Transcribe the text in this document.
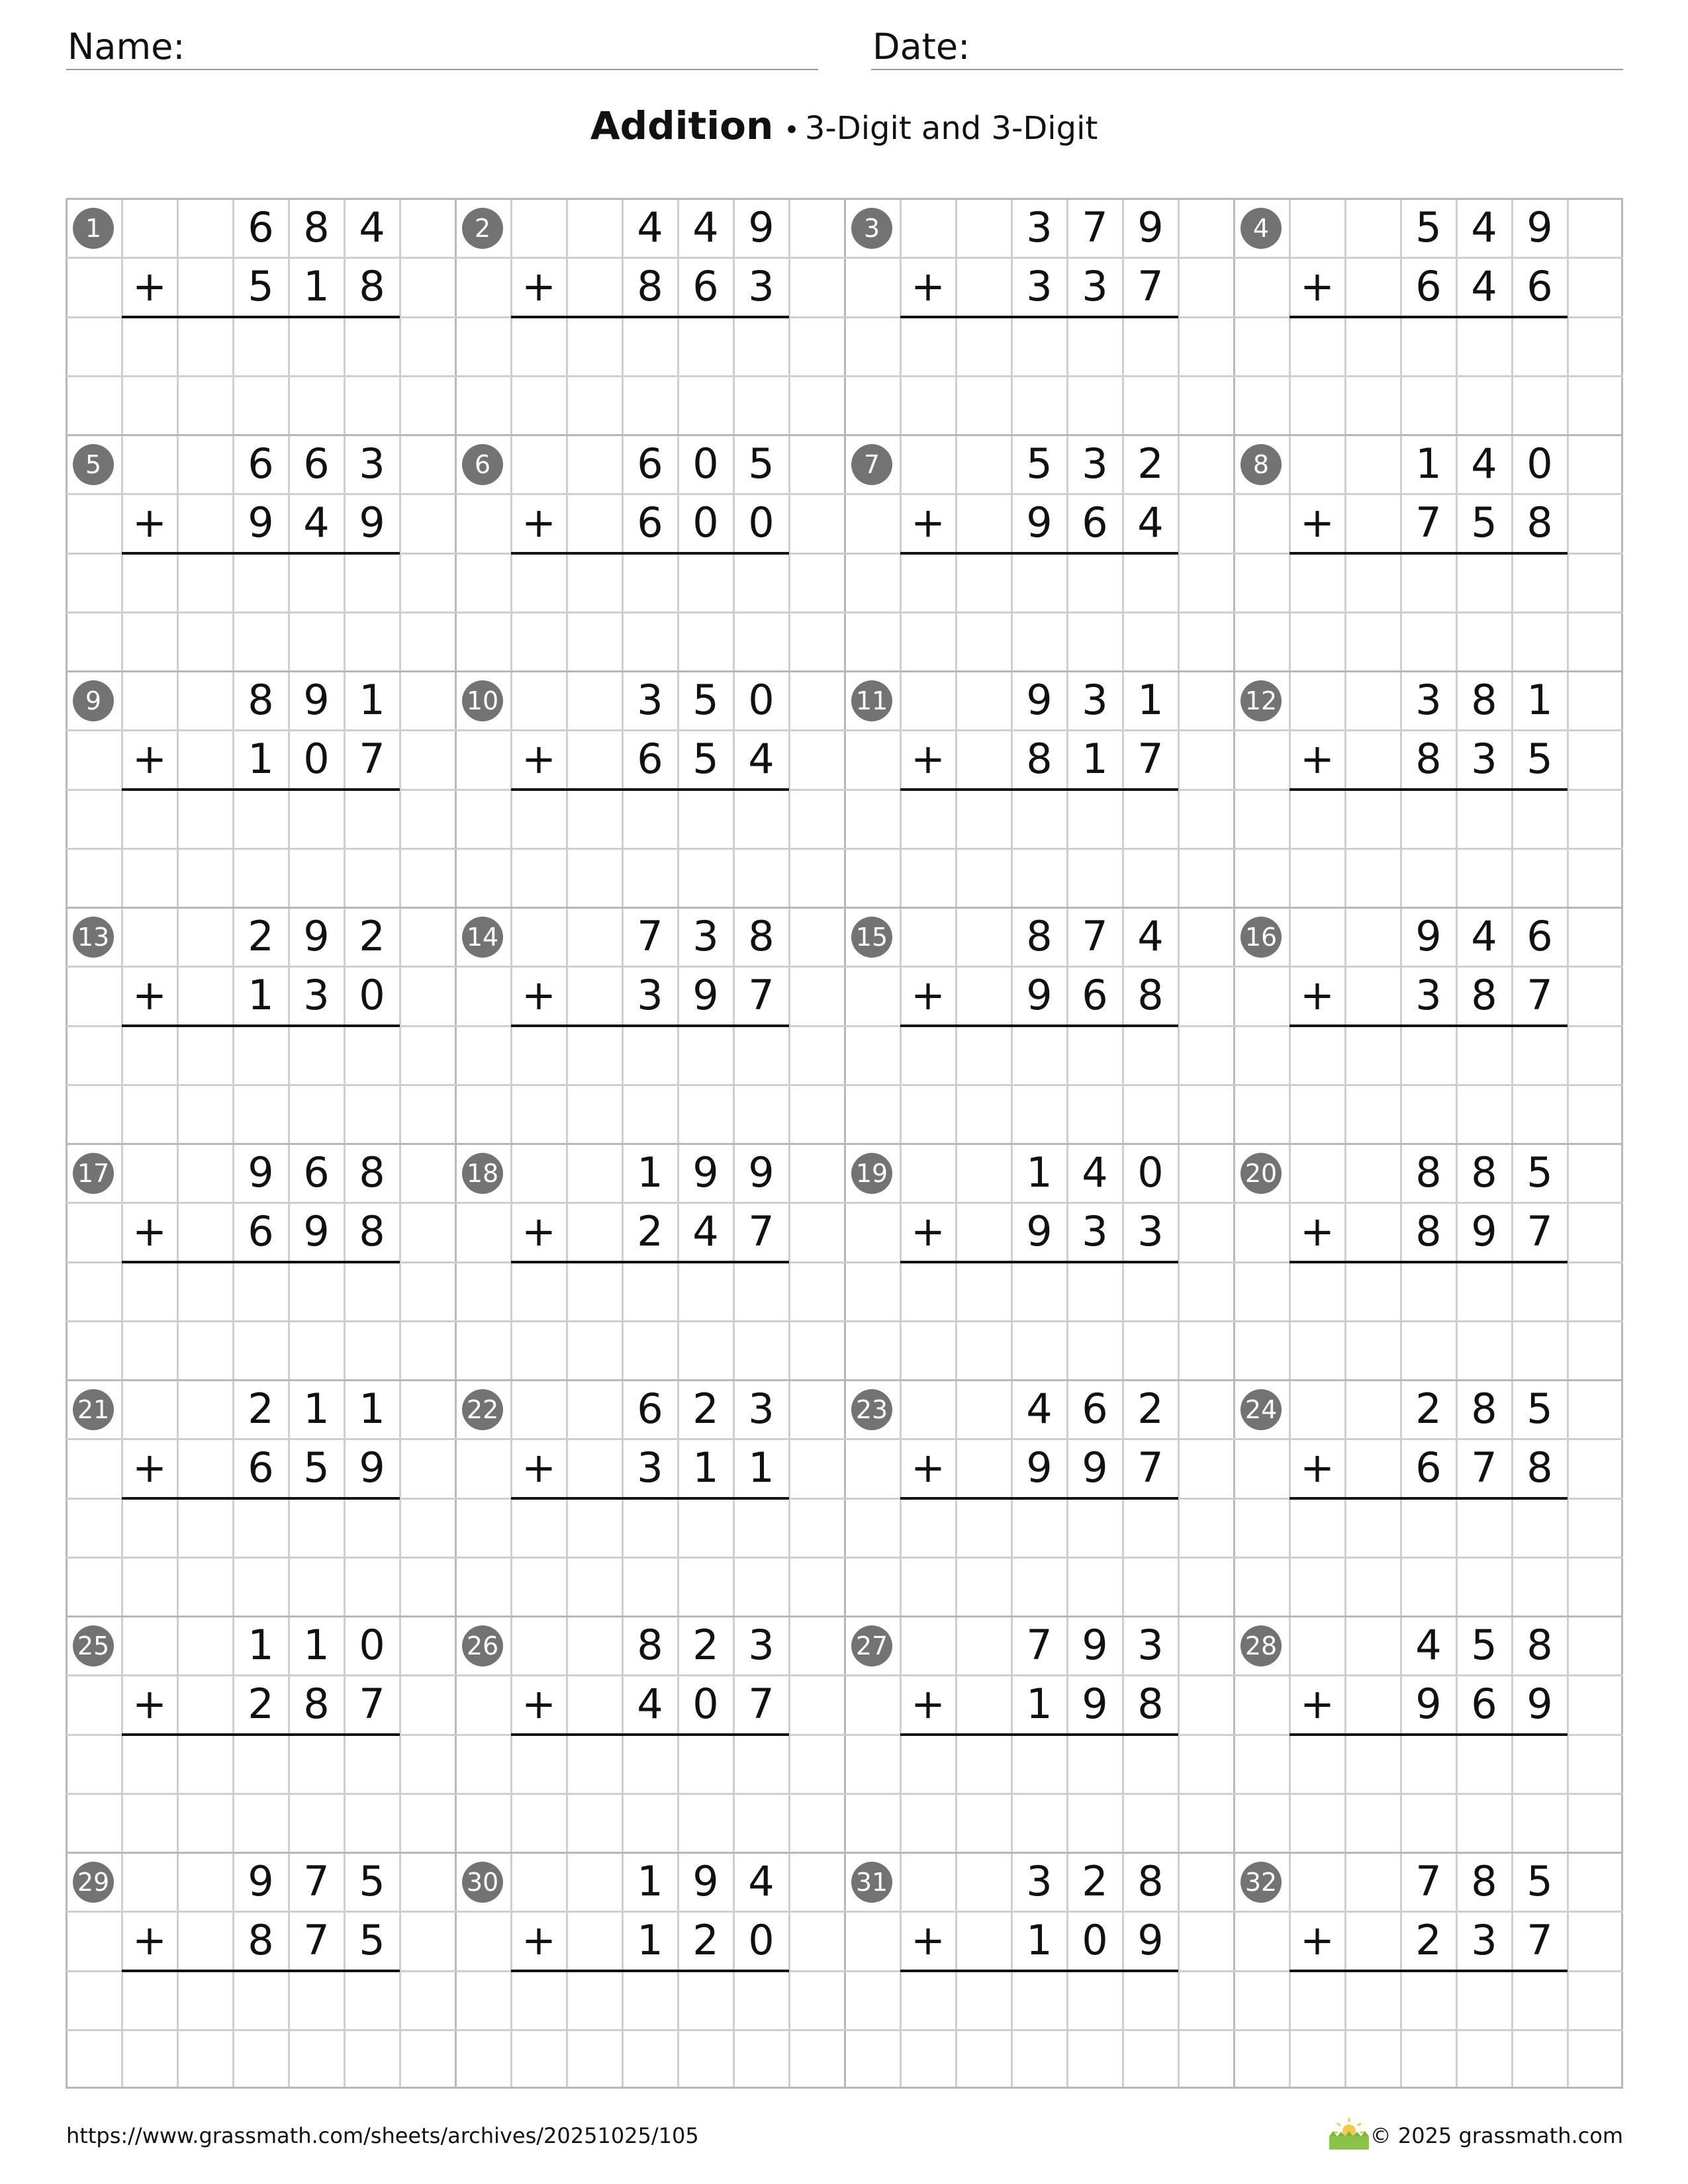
Name:	Date:
Addition • 3-Digit and 3-Digit
1	6 8 4
5 1 8
+
2	4 4 9
8 6 3
+
3	3 7 9
3 3 7
+
4	5 4 9
6 4 6
+
5	6 6 3
9 4 9
+
6	6 0 5
6 0 0
+
7	5 3 2
9 6 4
+
8	1 4 0
7 5 8
+
9	8 9 1
1 0 7
+
10	3 5 0
6 5 4
+
11	9 3 1
8 1 7
+
12	3 8 1
8 3 5
+
13	2 9 2
1 3 0
+
14	7 3 8
3 9 7
+
15	8 7 4
9 6 8
+
16	9 4 6
3 8 7
+
17	9 6 8
6 9 8
+
18	1 9 9
2 4 7
+
19	1 4 0
9 3 3
+
20	8 8 5
8 9 7
+
21	2 1 1
6 5 9
+
22	6 2 3
3 1 1
+
23	4 6 2
9 9 7
+
24	2 8 5
6 7 8
+
25	1 1 0
2 8 7
+
26	8 2 3
4 0 7
+
27	7 9 3
1 9 8
+
28	4 5 8
9 6 9
+
29	9 7 5
8 7 5
+
30	1 9 4
1 2 0
+
31	3 2 8
1 0 9
+
32	7 8 5
2 3 7
+
https://www.grassmath.com/sheets/archives/20251025/105	© 2025 grassmath.com
